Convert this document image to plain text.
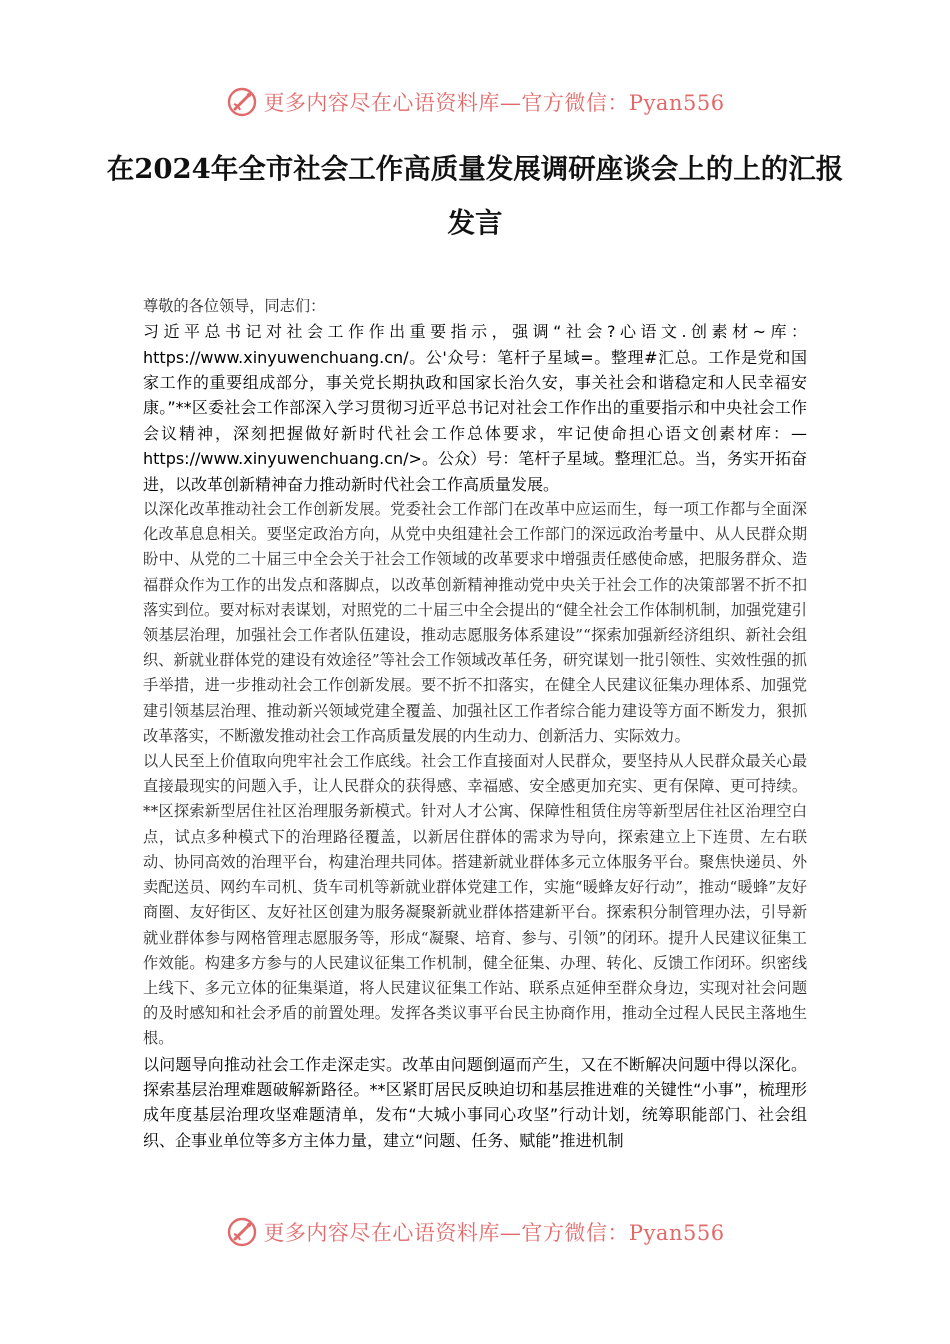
更多内容尽在心语资料库—官方微信：Pyan556
在2024年全市社会工作高质量发展调研座谈会上的上的汇报发言

尊敬的各位领导，同志们：

习近平总书记对社会工作作出重要指示，强调“社会?心语文.创素材~库：https://www.xinyuwenchuang.cn/。公'众号：笔杆子星域=。整理#汇总。工作是党和国家工作的重要组成部分，事关党长期执政和国家长治久安，事关社会和谐稳定和人民幸福安康。”**区委社会工作部深入学习贯彻习近平总书记对社会工作作出的重要指示和中央社会工作会议精神，深刻把握做好新时代社会工作总体要求，牢记使命担心语文创素材库：—https://www.xinyuwenchuang.cn/>。公众）号：笔杆子星域。整理汇总。当，务实开拓奋进，以改革创新精神奋力推动新时代社会工作高质量发展。

以深化改革推动社会工作创新发展。党委社会工作部门在改革中应运而生，每一项工作都与全面深化改革息息相关。要坚定政治方向，从党中央组建社会工作部门的深远政治考量中、从人民群众期盼中、从党的二十届三中全会关于社会工作领域的改革要求中增强责任感使命感，把服务群众、造福群众作为工作的出发点和落脚点，以改革创新精神推动党中央关于社会工作的决策部署不折不扣落实到位。要对标对表谋划，对照党的二十届三中全会提出的“健全社会工作体制机制，加强党建引领基层治理，加强社会工作者队伍建设，推动志愿服务体系建设”“探索加强新经济组织、新社会组织、新就业群体党的建设有效途径”等社会工作领域改革任务，研究谋划一批引领性、实效性强的抓手举措，进一步推动社会工作创新发展。要不折不扣落实，在健全人民建议征集办理体系、加强党建引领基层治理、推动新兴领域党建全覆盖、加强社区工作者综合能力建设等方面不断发力，狠抓改革落实，不断激发推动社会工作高质量发展的内生动力、创新活力、实际效力。

以人民至上价值取向兜牢社会工作底线。社会工作直接面对人民群众，要坚持从人民群众最关心最直接最现实的问题入手，让人民群众的获得感、幸福感、安全感更加充实、更有保障、更可持续。**区探索新型居住社区治理服务新模式。针对人才公寓、保障性租赁住房等新型居住社区治理空白点，试点多种模式下的治理路径覆盖，以新居住群体的需求为导向，探索建立上下连贯、左右联动、协同高效的治理平台，构建治理共同体。搭建新就业群体多元立体服务平台。聚焦快递员、外卖配送员、网约车司机、货车司机等新就业群体党建工作，实施“暖蜂友好行动”，推动“暖蜂”友好商圈、友好街区、友好社区创建为服务凝聚新就业群体搭建新平台。探索积分制管理办法，引导新就业群体参与网格管理志愿服务等，形成“凝聚、培育、参与、引领”的闭环。提升人民建议征集工作效能。构建多方参与的人民建议征集工作机制，健全征集、办理、转化、反馈工作闭环。织密线上线下、多元立体的征集渠道，将人民建议征集工作站、联系点延伸至群众身边，实现对社会问题的及时感知和社会矛盾的前置处理。发挥各类议事平台民主协商作用，推动全过程人民民主落地生根。

以问题导向推动社会工作走深走实。改革由问题倒逼而产生，又在不断解决问题中得以深化。探索基层治理难题破解新路径。**区紧盯居民反映迫切和基层推进难的关键性“小事”，梳理形成年度基层治理攻坚难题清单，发布“大城小事同心攻坚”行动计划，统筹职能部门、社会组织、企事业单位等多方主体力量，建立“问题、任务、赋能”推进机制

更多内容尽在心语资料库—官方微信：Pyan556
